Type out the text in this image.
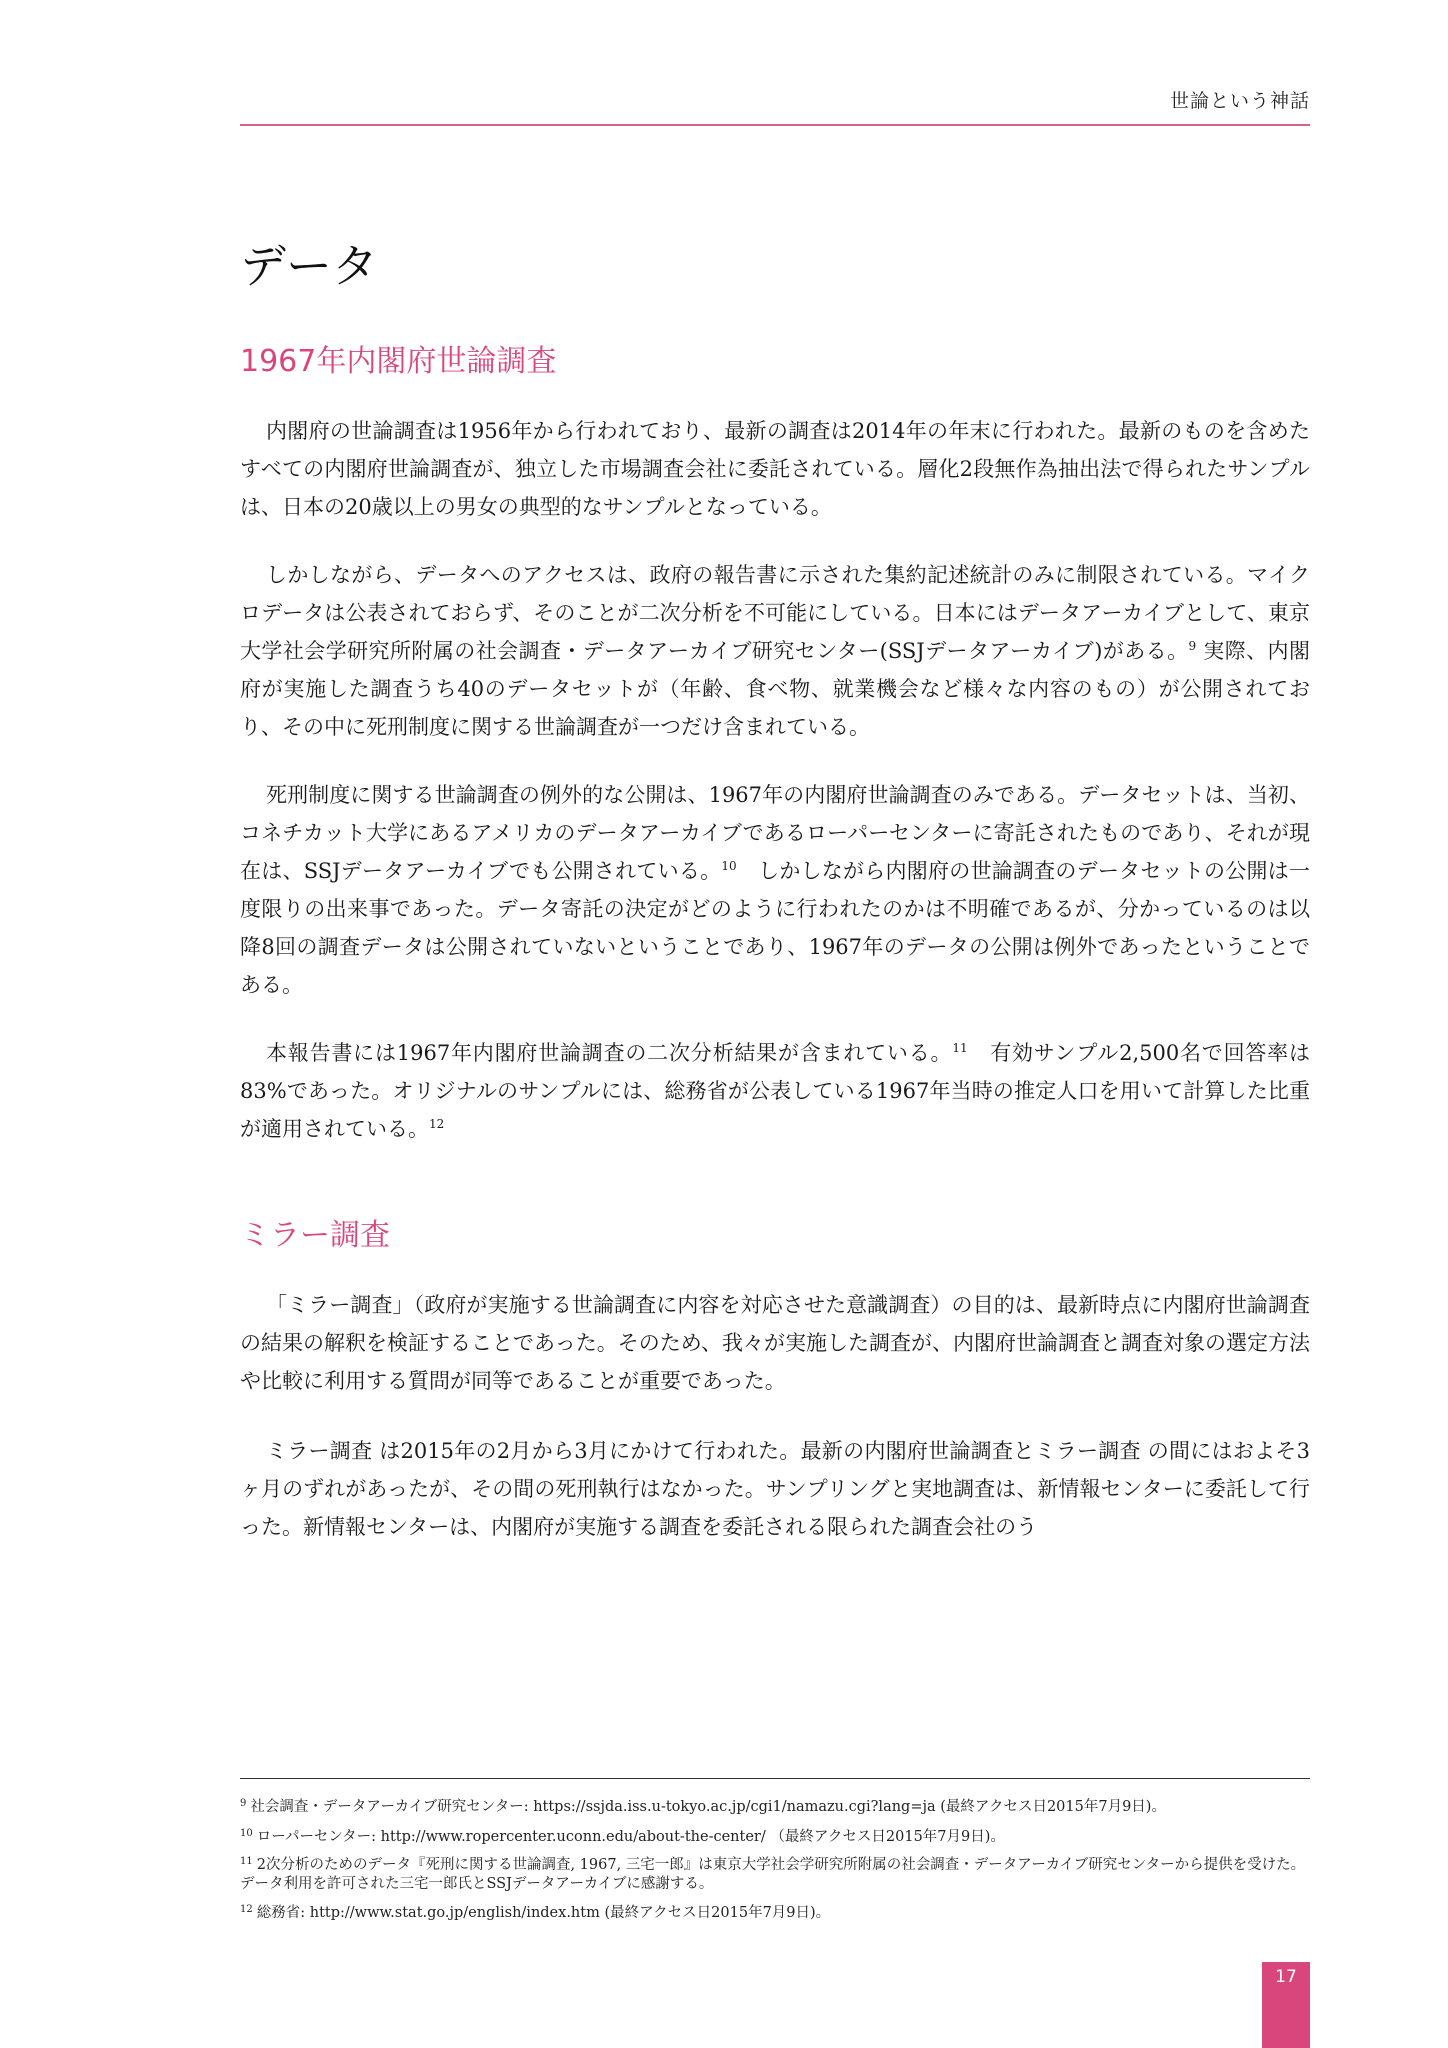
世論という神話
データ
1967年内閣府世論調査

内閣府の世論調査は1956年から行われており、最新の調査は2014年の年末に行われた。最新のものを含めたすべての内閣府世論調査が、独立した市場調査会社に委託されている。層化2段無作為抽出法で得られたサンプルは、日本の20歳以上の男女の典型的なサンプルとなっている。

しかしながら、データへのアクセスは、政府の報告書に示された集約記述統計のみに制限されている。マイクロデータは公表されておらず、そのことが二次分析を不可能にしている。日本にはデータアーカイブとして、東京大学社会学研究所附属の社会調査・データアーカイブ研究センター(SSJデータアーカイブ)がある。$^9$ 実際、内閣府が実施した調査うち40のデータセットが（年齢、食べ物、就業機会など様々な内容のもの）が公開されており、その中に死刑制度に関する世論調査が一つだけ含まれている。

死刑制度に関する世論調査の例外的な公開は、1967年の内閣府世論調査のみである。データセットは、当初、コネチカット大学にあるアメリカのデータアーカイブであるローパーセンターに寄託されたものであり、それが現在は、SSJデータアーカイブでも公開されている。$^{10}$　しかしながら内閣府の世論調査のデータセットの公開は一度限りの出来事であった。データ寄託の決定がどのように行われたのかは不明確であるが、分かっているのは以降8回の調査データは公開されていないということであり、1967年のデータの公開は例外であったということである。

本報告書には1967年内閣府世論調査の二次分析結果が含まれている。$^{11}$　有効サンプル2,500名で回答率は83%であった。オリジナルのサンプルには、総務省が公表している1967年当時の推定人口を用いて計算した比重が適用されている。$^{12}$

ミラー調査

「ミラー調査」（政府が実施する世論調査に内容を対応させた意識調査）の目的は、最新時点に内閣府世論調査の結果の解釈を検証することであった。そのため、我々が実施した調査が、内閣府世論調査と調査対象の選定方法や比較に利用する質問が同等であることが重要であった。

ミラー調査 は2015年の2月から3月にかけて行われた。最新の内閣府世論調査とミラー調査 の間にはおよそ3ヶ月のずれがあったが、その間の死刑執行はなかった。サンプリングと実地調査は、新情報センターに委託して行った。新情報センターは、内閣府が実施する調査を委託される限られた調査会社のう

$^9$ 社会調査・データアーカイブ研究センター: https://ssjda.iss.u-tokyo.ac.jp/cgi1/namazu.cgi?lang=ja (最終アクセス日2015年7月9日)。

$^{10}$ ローパーセンター: http://www.ropercenter.uconn.edu/about-the-center/ （最終アクセス日2015年7月9日)。

$^{11}$ 2次分析のためのデータ『死刑に関する世論調査, 1967, 三宅一郎』は東京大学社会学研究所附属の社会調査・データアーカイブ研究センターから提供を受けた。データ利用を許可された三宅一郎氏とSSJデータアーカイブに感謝する。

$^{12}$ 総務省: http://www.stat.go.jp/english/index.htm (最終アクセス日2015年7月9日)。

17
